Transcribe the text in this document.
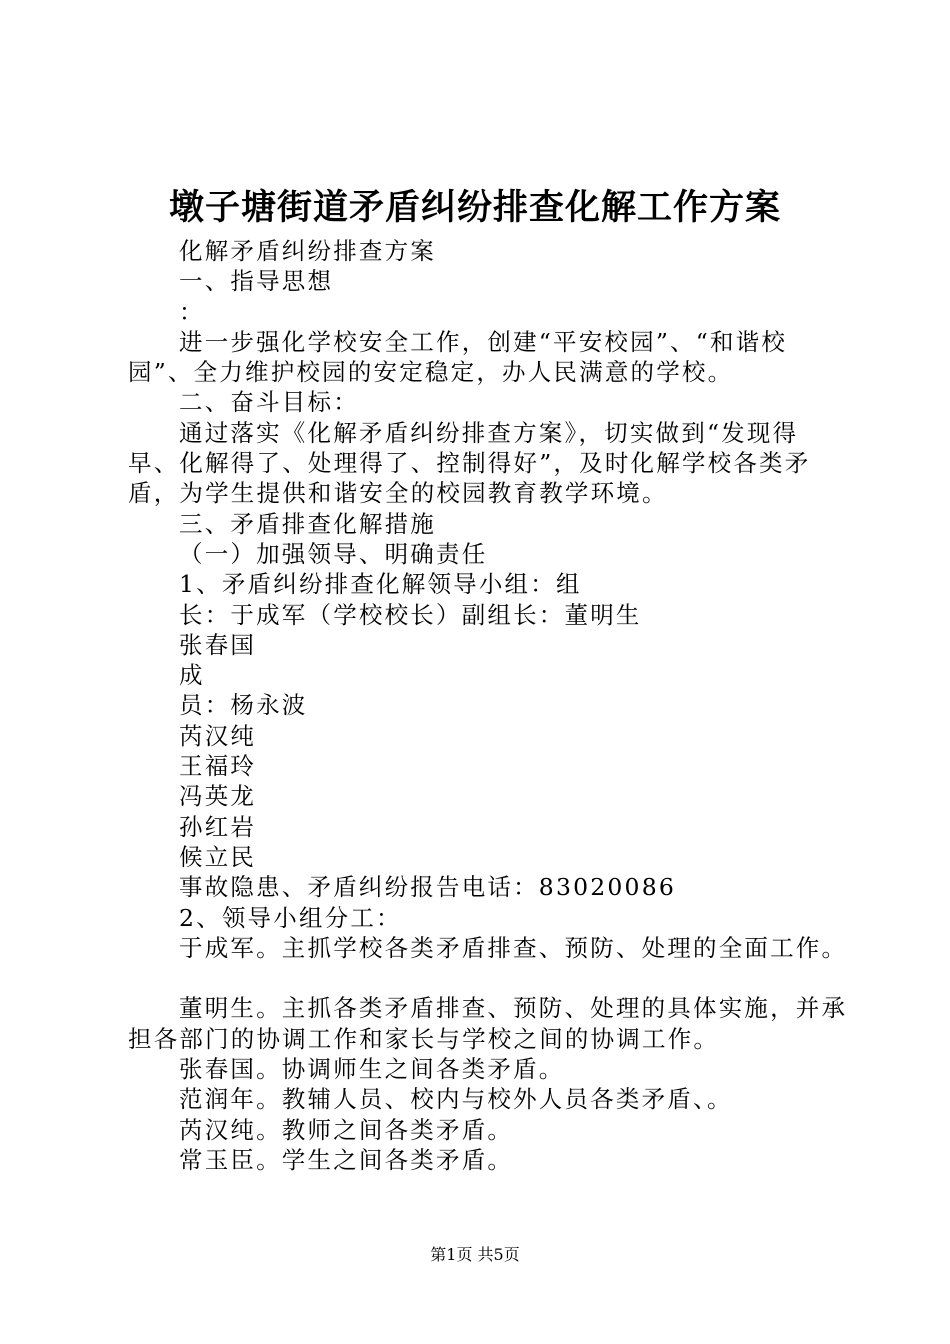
墩子塘街道矛盾纠纷排查化解工作方案
化解矛盾纠纷排查方案
一、指导思想
：
进一步强化学校安全工作，创建“平安校园”、“和谐校园”、全力维护校园的安定稳定，办人民满意的学校。
二、奋斗目标：
通过落实《化解矛盾纠纷排查方案》，切实做到“发现得早、化解得了、处理得了、控制得好”，及时化解学校各类矛盾，为学生提供和谐安全的校园教育教学环境。
三、矛盾排查化解措施
（一）加强领导、明确责任
1、矛盾纠纷排查化解领导小组：组
长：于成军（学校校长）副组长：董明生
张春国
成
员：杨永波
芮汉纯
王福玲
冯英龙
孙红岩
候立民
事故隐患、矛盾纠纷报告电话：83020086
2、领导小组分工：
于成军。主抓学校各类矛盾排查、预防、处理的全面工作。
董明生。主抓各类矛盾排查、预防、处理的具体实施，并承担各部门的协调工作和家长与学校之间的协调工作。
张春国。协调师生之间各类矛盾。
范润年。教辅人员、校内与校外人员各类矛盾、。
芮汉纯。教师之间各类矛盾。
常玉臣。学生之间各类矛盾。
第1页 共5页
